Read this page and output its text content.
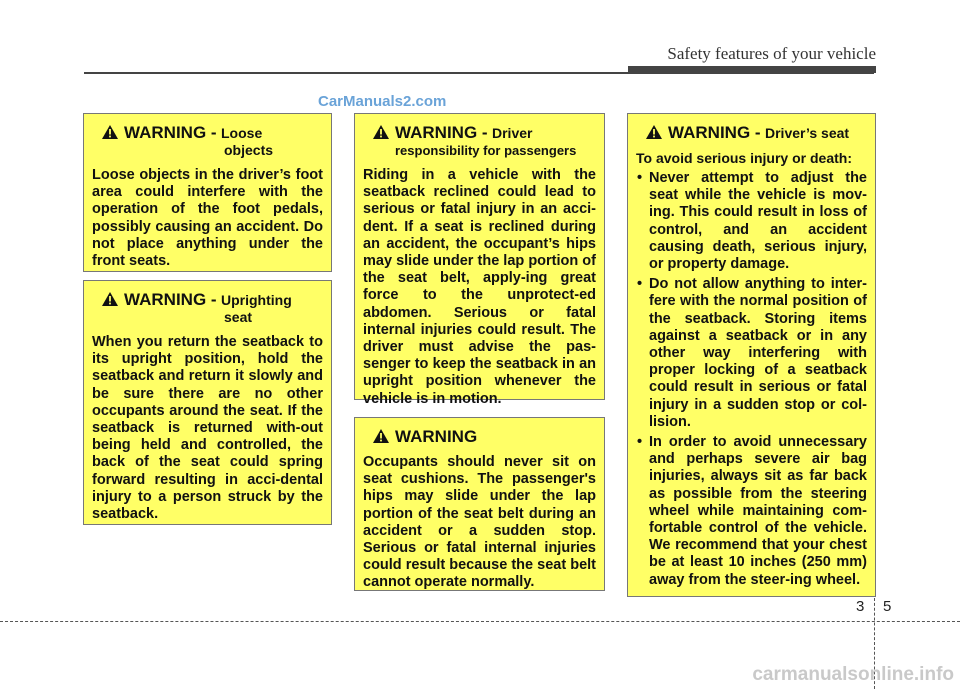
Safety features of your vehicle
CarManuals2.com
WARNING - Loose
objects

Loose objects in the driver’s foot area could interfere with the operation of the foot pedals, possibly causing an accident. Do not place anything under the front seats.

WARNING - Uprighting
seat

When you return the seatback to its upright position, hold the seatback and return it slowly and be sure there are no other occupants around the seat. If the seatback is returned with-out being held and controlled, the back of the seat could spring forward resulting in acci-dental injury to a person struck by the seatback.

WARNING - Driver
responsibility for passengers

Riding in a vehicle with the seatback reclined could lead to serious or fatal injury in an acci-dent. If a seat is reclined during an accident, the occupant’s hips may slide under the lap portion of the seat belt, apply-ing great force to the unprotect-ed abdomen. Serious or fatal internal injuries could result. The driver must advise the pas-senger to keep the seatback in an upright position whenever the vehicle is in motion.

WARNING

Occupants should never sit on seat cushions. The passenger's hips may slide under the lap portion of the seat belt during an accident or a sudden stop. Serious or fatal internal injuries could result because the seat belt cannot operate normally.

WARNING - Driver’s seat

To avoid serious injury or death:

• Never attempt to adjust the seat while the vehicle is mov-ing. This could result in loss of control, and an accident causing death, serious injury, or property damage.
• Do not allow anything to inter-fere with the normal position of the seatback. Storing items against a seatback or in any other way interfering with proper locking of a seatback could result in serious or fatal injury in a sudden stop or col-lision.
• In order to avoid unnecessary and perhaps severe air bag injuries, always sit as far back as possible from the steering wheel while maintaining com-fortable control of the vehicle. We recommend that your chest be at least 10 inches (250 mm) away from the steer-ing wheel.
3 5
carmanualsonline.info
